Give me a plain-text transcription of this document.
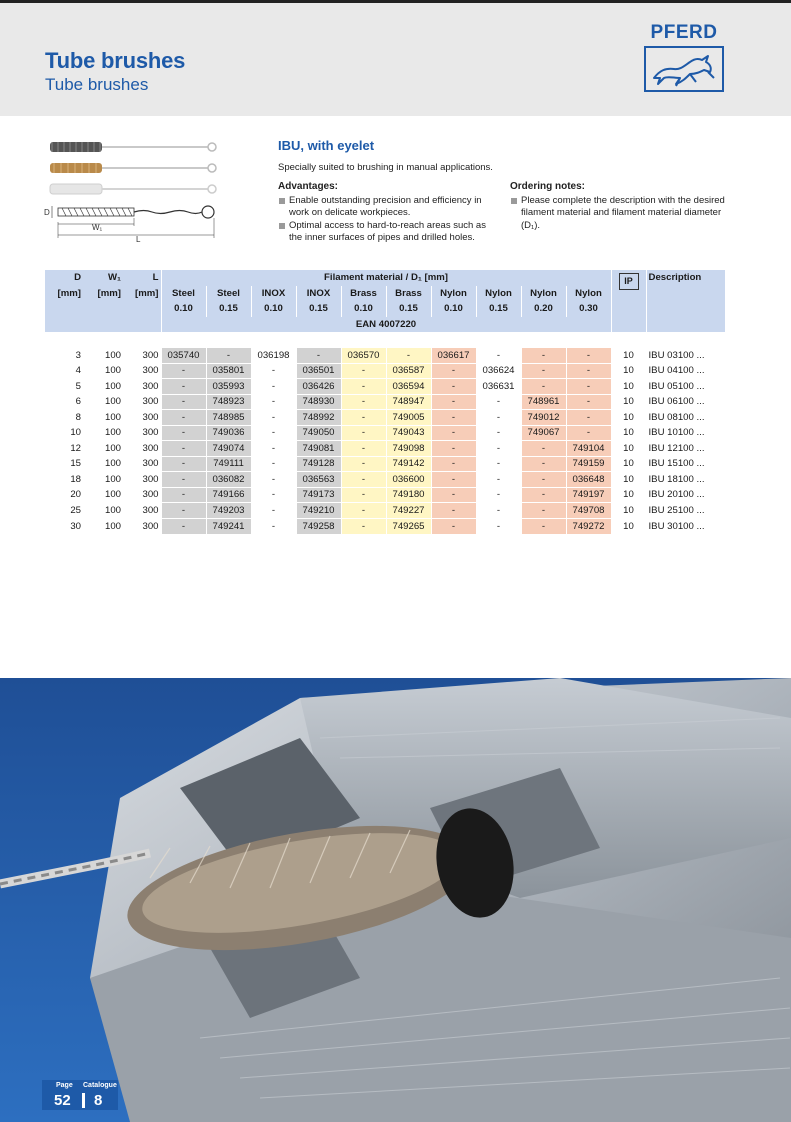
Tube brushes
Tube brushes
PFERD
D
W₁
L
IBU, with eyelet
Specially suited to brushing in manual applications.
Advantages:
Enable outstanding precision and efficiency in work on delicate workpieces.
Optimal access to hard-to-reach areas such as the inner surfaces of pipes and drilled holes.
Ordering notes:
Please complete the description with the desired filament material and filament material diameter (D₁).
D	W₁	L	Filament material / D₁ [mm]										IP	Description
[mm]	[mm]	[mm]	Steel	Steel	INOX	INOX	Brass	Brass	Nylon	Nylon	Nylon	Nylon		
			0.10	0.15	0.10	0.15	0.10	0.15	0.10	0.15	0.20	0.30		
			EAN 4007220											

3	100	300	035740	-	036198	-	036570	-	036617	-	-	-	10	IBU 03100 ...
4	100	300	-	035801	-	036501	-	036587	-	036624	-	-	10	IBU 04100 ...
5	100	300	-	035993	-	036426	-	036594	-	036631	-	-	10	IBU 05100 ...
6	100	300	-	748923	-	748930	-	748947	-	-	748961	-	10	IBU 06100 ...
8	100	300	-	748985	-	748992	-	749005	-	-	749012	-	10	IBU 08100 ...
10	100	300	-	749036	-	749050	-	749043	-	-	749067	-	10	IBU 10100 ...
12	100	300	-	749074	-	749081	-	749098	-	-	-	749104	10	IBU 12100 ...
15	100	300	-	749111	-	749128	-	749142	-	-	-	749159	10	IBU 15100 ...
18	100	300	-	036082	-	036563	-	036600	-	-	-	036648	10	IBU 18100 ...
20	100	300	-	749166	-	749173	-	749180	-	-	-	749197	10	IBU 20100 ...
25	100	300	-	749203	-	749210	-	749227	-	-	-	749708	10	IBU 25100 ...
30	100	300	-	749241	-	749258	-	749265	-	-	-	749272	10	IBU 30100 ...
Page Catalogue
52 8
